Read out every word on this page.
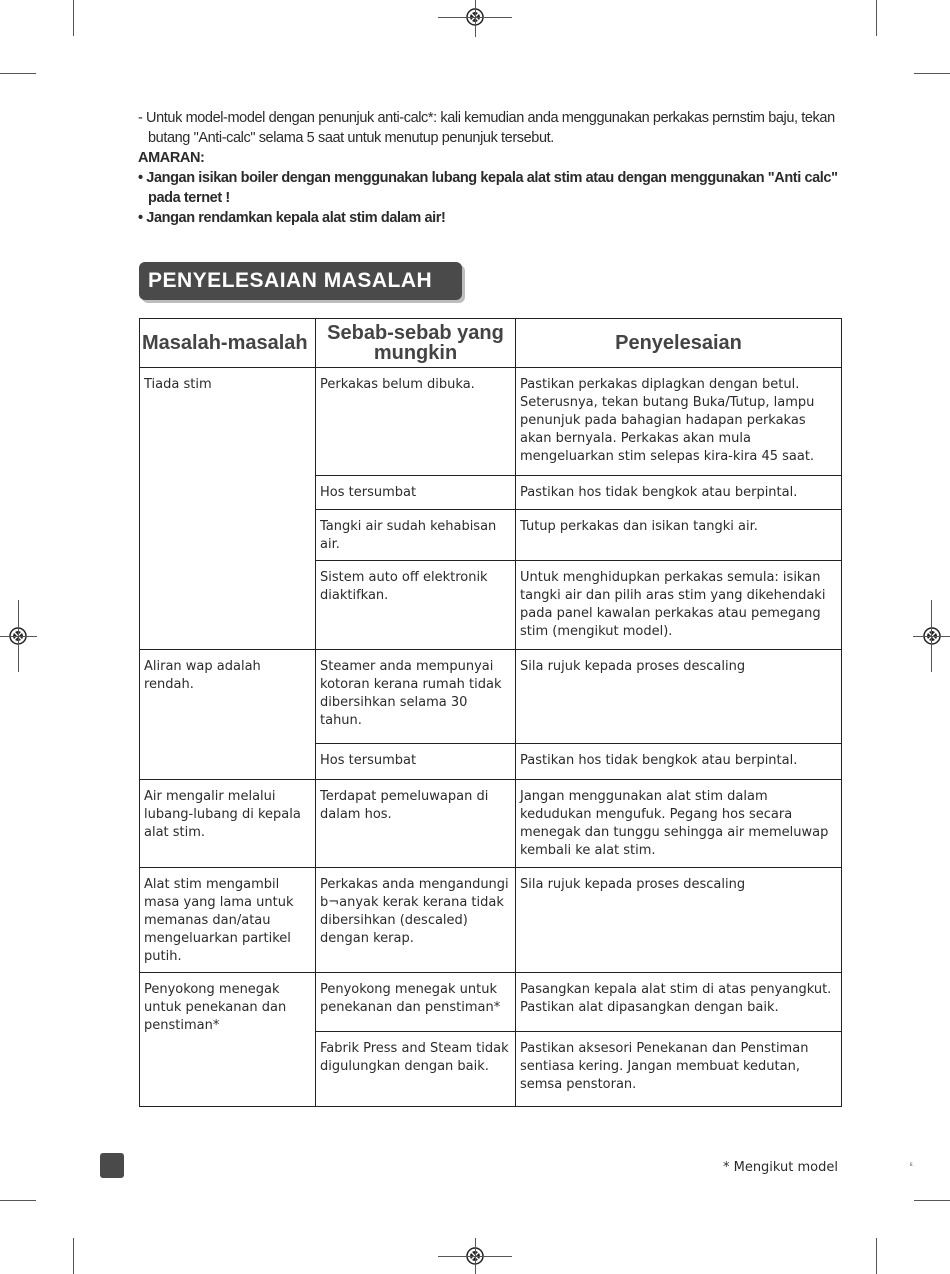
- Untuk model-model dengan penunjuk anti-calc*: kali kemudian anda menggunakan perkakas pernstim baju, tekan butang "Anti-calc" selama 5 saat untuk menutup penunjuk tersebut.

AMARAN:

• Jangan isikan boiler dengan menggunakan lubang kepala alat stim atau dengan menggunakan "Anti calc" pada ternet !

• Jangan rendamkan kepala alat stim dalam air!

PENYELESAIAN MASALAH
Masalah-masalah	Sebab-sebab yang mungkin	Penyelesaian
Tiada stim	Perkakas belum dibuka.	Pastikan perkakas diplagkan dengan betul. Seterusnya, tekan butang Buka/Tutup, lampu penunjuk pada bahagian hadapan perkakas akan bernyala. Perkakas akan mula mengeluarkan stim selepas kira-kira 45 saat.
	Hos tersumbat	Pastikan hos tidak bengkok atau berpintal.
	Tangki air sudah kehabisan air.	Tutup perkakas dan isikan tangki air.
	Sistem auto off elektronik diaktifkan.	Untuk menghidupkan perkakas semula: isikan tangki air dan pilih aras stim yang dikehendaki pada panel kawalan perkakas atau pemegang stim (mengikut model).
Aliran wap adalah rendah.	Steamer anda mempunyai kotoran kerana rumah tidak dibersihkan selama 30 tahun.	Sila rujuk kepada proses descaling
	Hos tersumbat	Pastikan hos tidak bengkok atau berpintal.
Air mengalir melalui lubang-lubang di kepala alat stim.	Terdapat pemeluwapan di dalam hos.	Jangan menggunakan alat stim dalam kedudukan mengufuk. Pegang hos secara menegak dan tunggu sehingga air memeluwap kembali ke alat stim.
Alat stim mengambil masa yang lama untuk memanas dan/atau mengeluarkan partikel putih.	Perkakas anda mengandungi b¬anyak kerak kerana tidak dibersihkan (descaled) dengan kerap.	Sila rujuk kepada proses descaling
Penyokong menegak untuk penekanan dan penstiman*	Penyokong menegak untuk penekanan dan penstiman*	Pasangkan kepala alat stim di atas penyangkut. Pastikan alat dipasangkan dengan baik.
	Fabrik Press and Steam tidak digulungkan dengan baik.	Pastikan aksesori Penekanan dan Penstiman sentiasa kering. Jangan membuat kedutan, semsa penstoran.
* Mengikut model	ε
